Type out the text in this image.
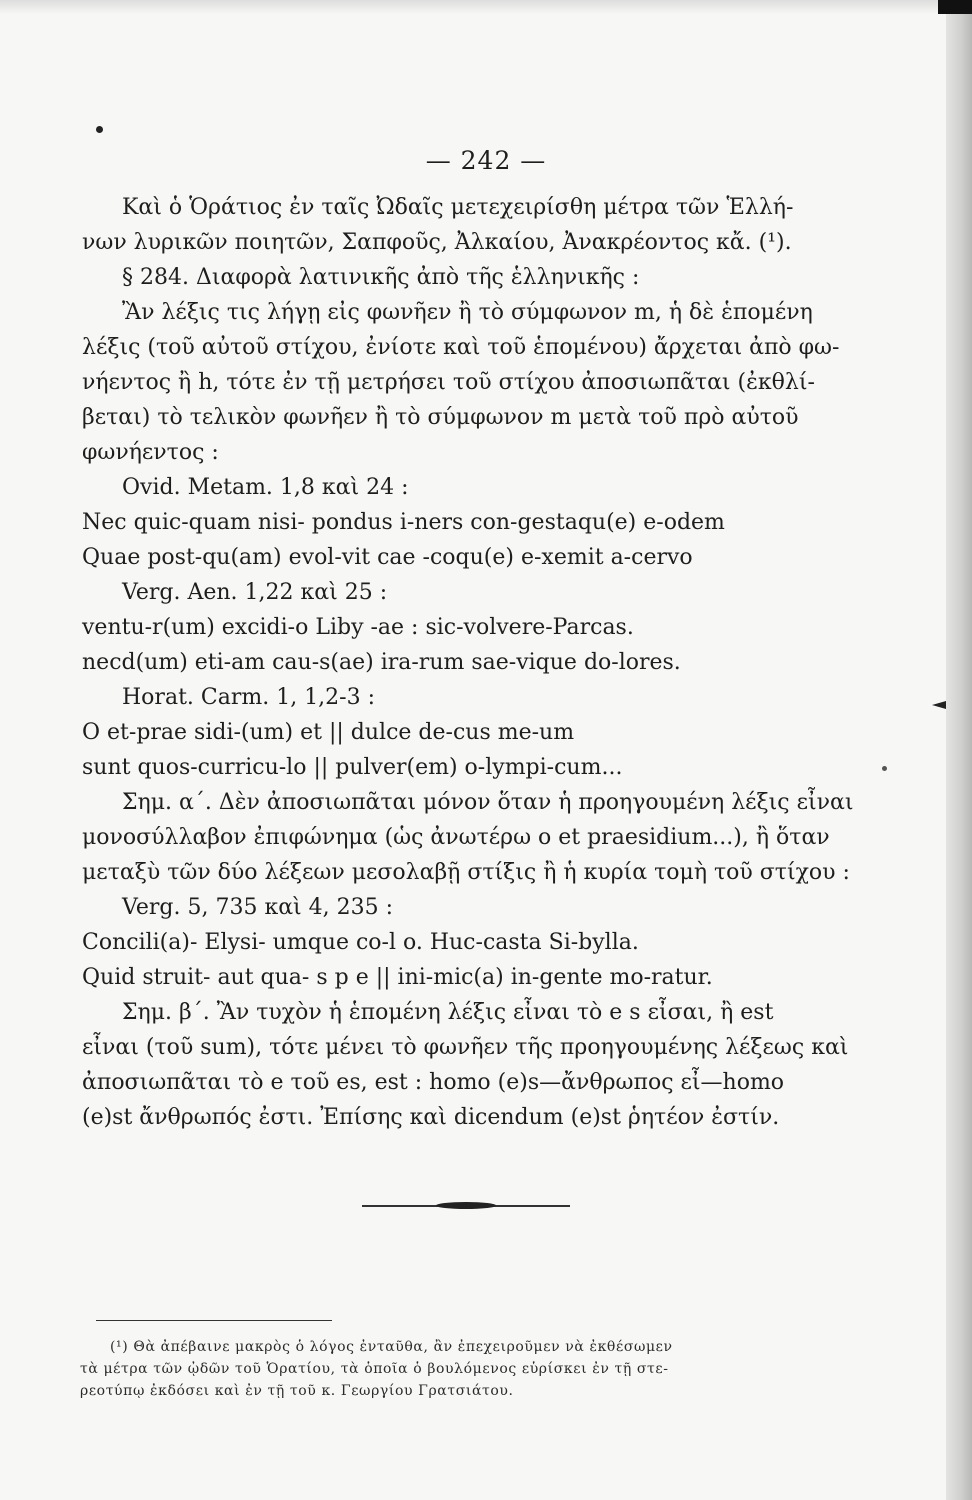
— 242 —
Καὶ ὁ Ὁράτιος ἐν ταῖς Ὠδαῖς μετεχειρίσθη μέτρα τῶν Ἑλλή-
νων λυρικῶν ποιητῶν, Σαπφοῦς, Ἀλκαίου, Ἀνακρέοντος κἄ. (¹).
§ 284. Διαφορὰ λατινικῆς ἀπὸ τῆς ἑλληνικῆς :
Ἂν λέξις τις λήγῃ εἰς φωνῆεν ἢ τὸ σύμφωνον m, ἡ δὲ ἑπομένη
λέξις (τοῦ αὐτοῦ στίχου, ἐνίοτε καὶ τοῦ ἑπομένου) ἄρχεται ἀπὸ φω-
νήεντος ἢ h, τότε ἐν τῇ μετρήσει τοῦ στίχου ἀποσιωπᾶται (ἐκθλί-
βεται) τὸ τελικὸν φωνῆεν ἢ τὸ σύμφωνον m μετὰ τοῦ πρὸ αὐτοῦ
φωνήεντος :
Ovid. Metam. 1,8 καὶ 24 :
Nec quic-quam nisi- pondus i-ners con-gestaqu(e) e-odem
Quae post-qu(am) evol-vit cae -coqu(e) e-xemit a-cervo
Verg. Aen. 1,22 καὶ 25 :
ventu-r(um) excidi-o Liby -ae : sic-volvere-Parcas.
necd(um) eti-am cau-s(ae) ira-rum sae-vique do-lores.
Horat. Carm. 1, 1,2-3 :
O et-prae sidi-(um) et || dulce de-cus me-um
sunt quos-curricu-lo || pulver(em) o-lympi-cum...
Σημ. α΄. Δὲν ἀποσιωπᾶται μόνον ὅταν ἡ προηγουμένη λέξις εἶναι
μονοσύλλαβον ἐπιφώνημα (ὡς ἀνωτέρω o et praesidium...), ἢ ὅταν
μεταξὺ τῶν δύο λέξεων μεσολαβῇ στίξις ἢ ἡ κυρία τομὴ τοῦ στίχου :
Verg. 5, 735 καὶ 4, 235 :
Concili(a)- Elysi- umque co-l o. Huc-casta Si-bylla.
Quid struit- aut qua- s p e || ini-mic(a) in-gente mo-ratur.
Σημ. β΄. Ἂν τυχὸν ἡ ἑπομένη λέξις εἶναι τὸ e s εἶσαι, ἢ est
εἶναι (τοῦ sum), τότε μένει τὸ φωνῆεν τῆς προηγουμένης λέξεως καὶ
ἀποσιωπᾶται τὸ e τοῦ es, est : homo (e)s—ἄνθρωπος εἶ—homo
(e)st ἄνθρωπός ἐστι. Ἐπίσης καὶ dicendum (e)st ῥητέον ἐστίν.
(¹) Θὰ ἀπέβαινε μακρὸς ὁ λόγος ἐνταῦθα, ἂν ἐπεχειροῦμεν νὰ ἐκθέσωμεν
τὰ μέτρα τῶν ᾠδῶν τοῦ Ὁρατίου, τὰ ὁποῖα ὁ βουλόμενος εὑρίσκει ἐν τῇ στε-
ρεοτύπῳ ἐκδόσει καὶ ἐν τῇ τοῦ κ. Γεωργίου Γρατσιάτου.
